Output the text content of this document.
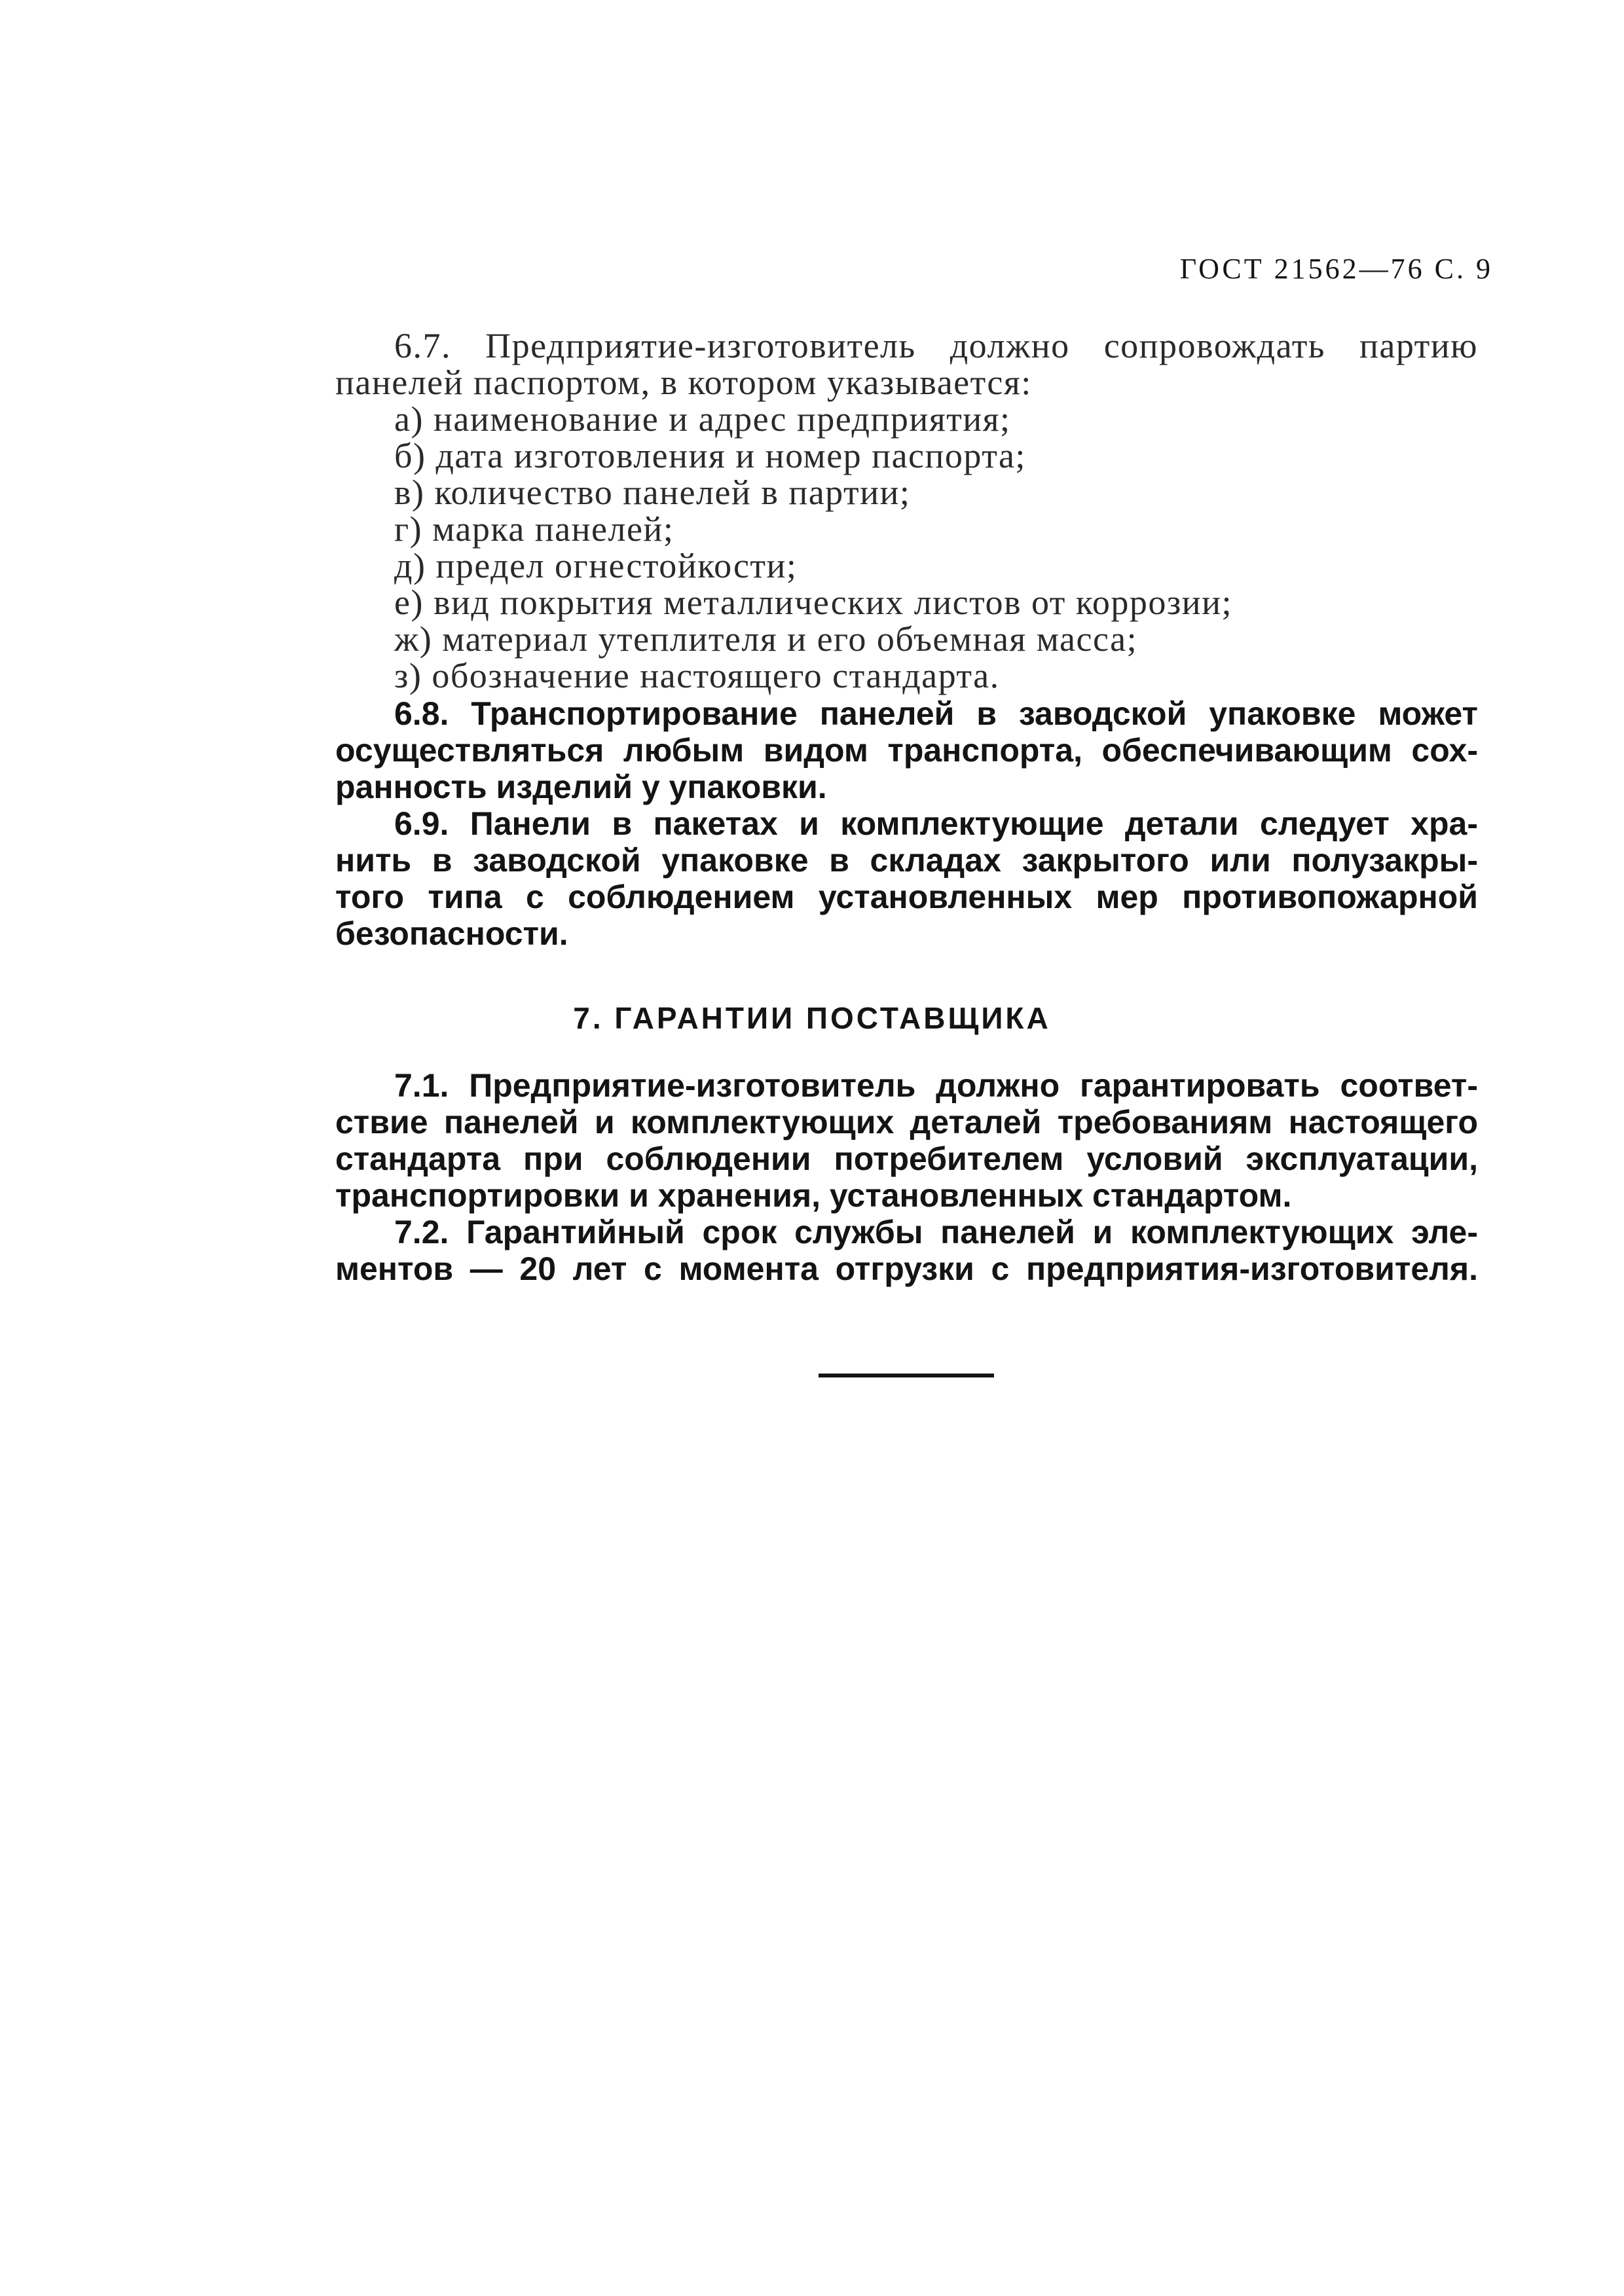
ГОСТ 21562—76 С. 9
6.7. Предприятие-изготовитель должно сопровождать партию
панелей паспортом, в котором указывается:
а) наименование и адрес предприятия;
б) дата изготовления и номер паспорта;
в) количество панелей в партии;
г) марка панелей;
д) предел огнестойкости;
е) вид покрытия металлических листов от коррозии;
ж) материал утеплителя и его объемная масса;
з) обозначение настоящего стандарта.
6.8. Транспортирование панелей в заводской упаковке может
осуществляться любым видом транспорта, обеспечивающим сох-
ранность изделий у упаковки.
6.9. Панели в пакетах и комплектующие детали следует хра-
нить в заводской упаковке в складах закрытого или полузакры-
того типа с соблюдением установленных мер противопожарной
безопасности.
7. ГАРАНТИИ ПОСТАВЩИКА
7.1. Предприятие-изготовитель должно гарантировать соответ-
ствие панелей и комплектующих деталей требованиям настоящего
стандарта при соблюдении потребителем условий эксплуатации,
транспортировки и хранения, установленных стандартом.
7.2. Гарантийный срок службы панелей и комплектующих эле-
ментов — 20 лет с момента отгрузки с предприятия-изготовителя.
